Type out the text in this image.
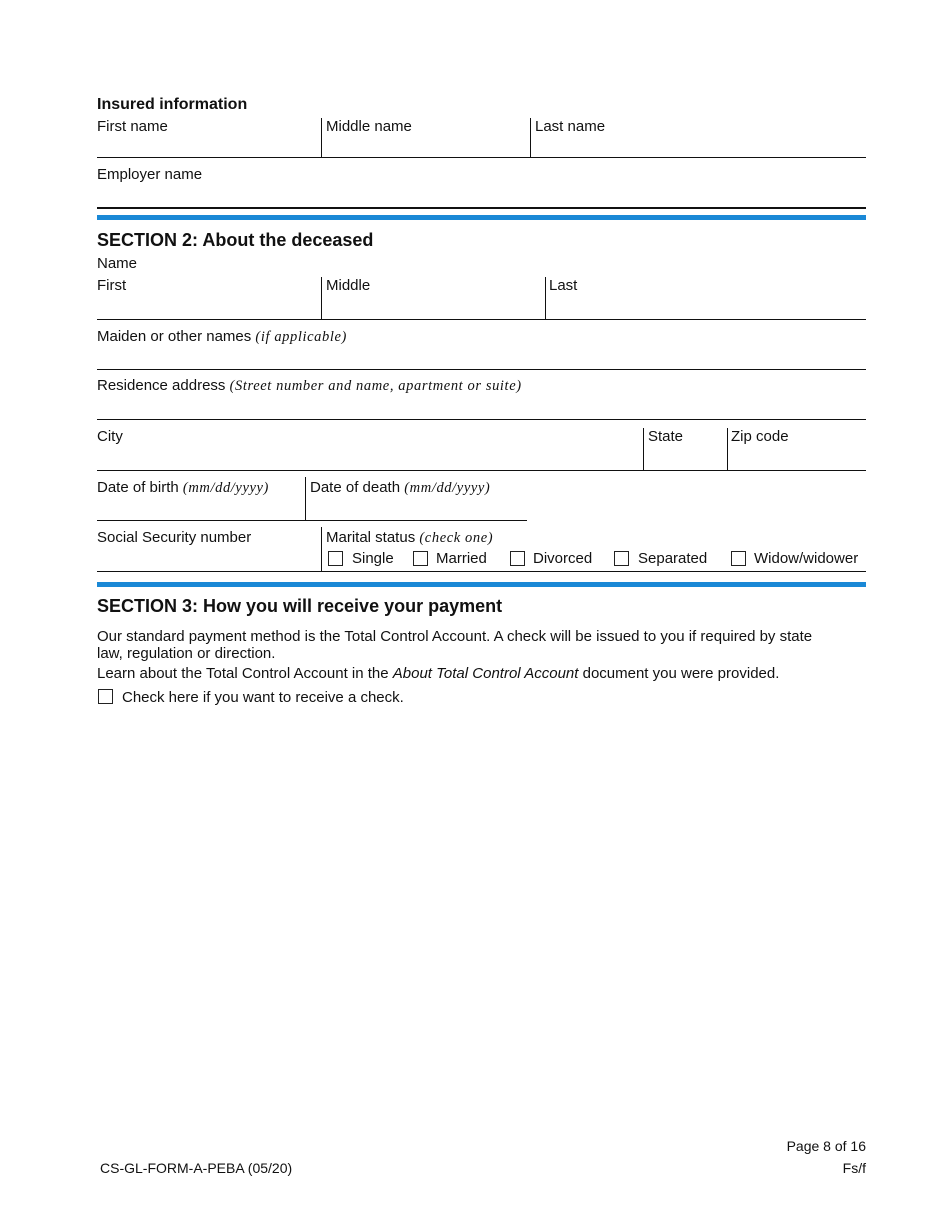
Insured information
First name	Middle name	Last name
Employer name
SECTION 2: About the deceased
Name
First	Middle	Last
Maiden or other names (if applicable)
Residence address (Street number and name, apartment or suite)
City	State	Zip code
Date of birth (mm/dd/yyyy)	Date of death (mm/dd/yyyy)
Social Security number	Marital status (check one)
Single	Married	Divorced	Separated	Widow/widower
SECTION 3: How you will receive your payment
Our standard payment method is the Total Control Account. A check will be issued to you if required by state
law, regulation or direction.
Learn about the Total Control Account in the About Total Control Account document you were provided.
Check here if you want to receive a check.
Page 8 of 16
CS-GL-FORM-A-PEBA (05/20)	Fs/f
